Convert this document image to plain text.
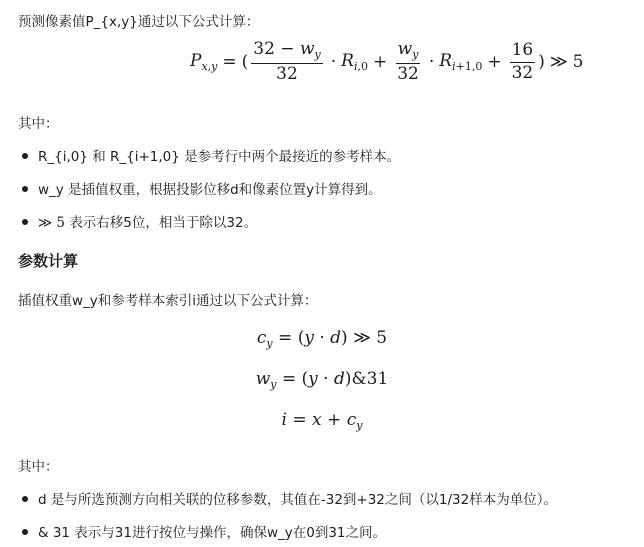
预测像素值P_{x,y}通过以下公式计算：
$P_{x,y}$ = ( $\frac{32 - w_y}{32} \cdot R_{i,0} + \frac{w_y}{32} \cdot R_{i+1,0} + \frac{16}{32}$ ) ≫ 5
其中：
R_{i,0} 和 R_{i+1,0} 是参考行中两个最接近的参考样本。
w_y 是插值权重，根据投影位移d和像素位置y计算得到。
≫ 5 表示右移5位，相当于除以32。
参数计算
插值权重w_y和参考样本索引i通过以下公式计算：
$c_y = (y \cdot d)$ ≫ 5
$w_y = (y$ · d)&31
$i = x + c_y$
其中：
d 是与所选预测方向相关联的位移参数，其值在-32到+32之间（以1/32样本为单位）。
& 31 表示与31进行按位与操作，确保w_y在0到31之间。
